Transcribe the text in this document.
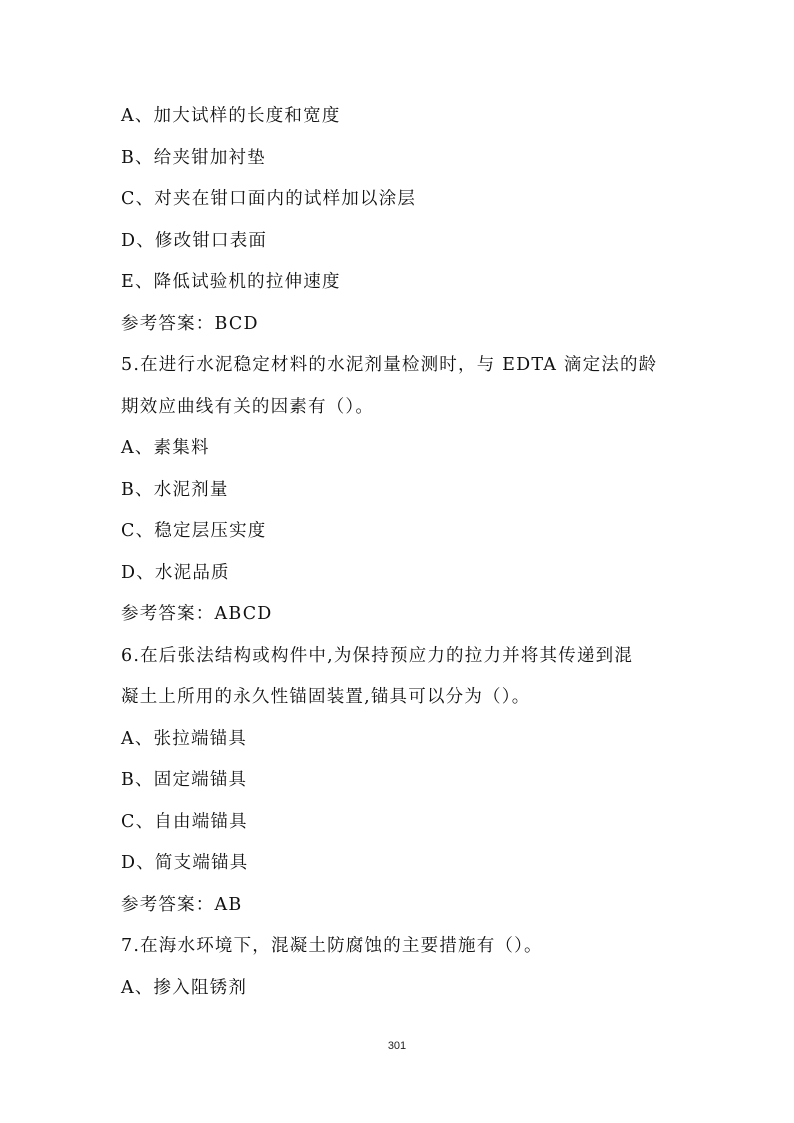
A、加大试样的长度和宽度
B、给夹钳加衬垫
C、对夹在钳口面内的试样加以涂层
D、修改钳口表面
E、降低试验机的拉伸速度
参考答案：BCD
5.在进行水泥稳定材料的水泥剂量检测时，与 EDTA 滴定法的龄
期效应曲线有关的因素有（）。
A、素集料
B、水泥剂量
C、稳定层压实度
D、水泥品质
参考答案：ABCD
6.在后张法结构或构件中,为保持预应力的拉力并将其传递到混
凝土上所用的永久性锚固装置,锚具可以分为（）。
A、张拉端锚具
B、固定端锚具
C、自由端锚具
D、简支端锚具
参考答案：AB
7.在海水环境下，混凝土防腐蚀的主要措施有（）。
A、掺入阻锈剂
301
